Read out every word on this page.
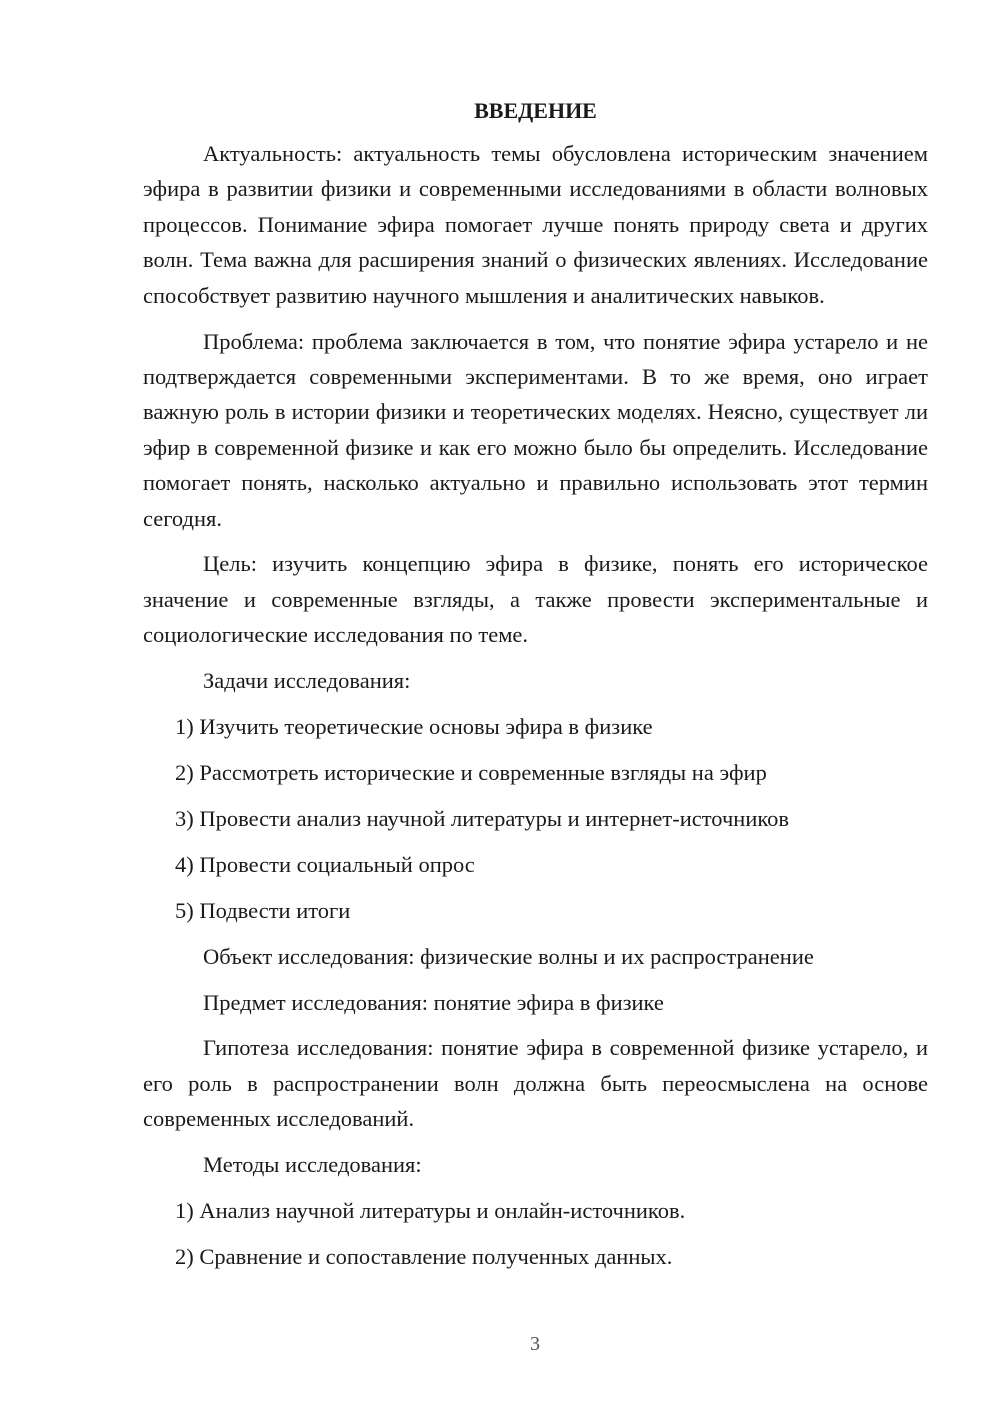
ВВЕДЕНИЕ

Актуальность: актуальность темы обусловлена историческим значением эфира в развитии физики и современными исследованиями в области волновых процессов. Понимание эфира помогает лучше понять природу света и других волн. Тема важна для расширения знаний о физических явлениях. Исследование способствует развитию научного мышления и аналитических навыков.

Проблема: проблема заключается в том, что понятие эфира устарело и не подтверждается современными экспериментами. В то же время, оно играет важную роль в истории физики и теоретических моделях. Неясно, существует ли эфир в современной физике и как его можно было бы определить. Исследование помогает понять, насколько актуально и правильно использовать этот термин сегодня.

Цель: изучить концепцию эфира в физике, понять его историческое значение и современные взгляды, а также провести экспериментальные и социологические исследования по теме.

Задачи исследования:

1) Изучить теоретические основы эфира в физике

2) Рассмотреть исторические и современные взгляды на эфир

3) Провести анализ научной литературы и интернет-источников

4) Провести социальный опрос

5) Подвести итоги

Объект исследования: физические волны и их распространение

Предмет исследования: понятие эфира в физике

Гипотеза исследования: понятие эфира в современной физике устарело, и его роль в распространении волн должна быть переосмыслена на основе современных исследований.

Методы исследования:

1) Анализ научной литературы и онлайн-источников.

2) Сравнение и сопоставление полученных данных.

3
